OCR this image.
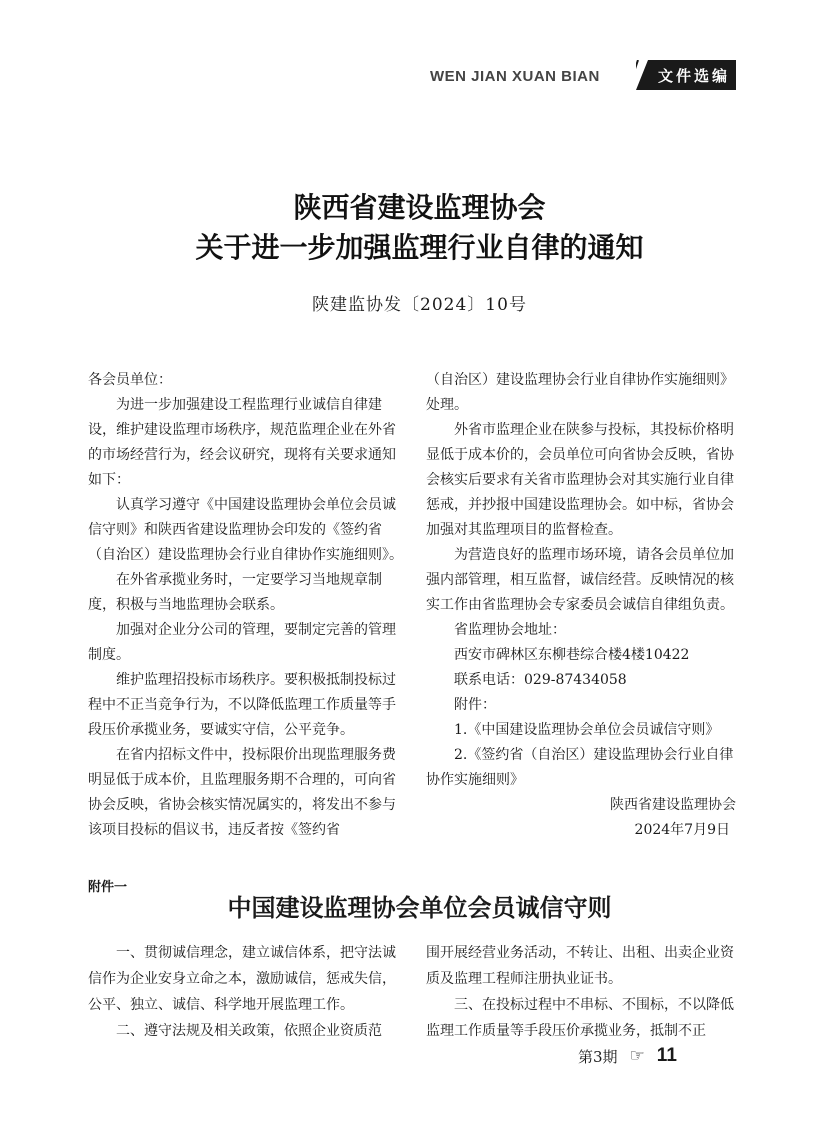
WEN JIAN XUAN BIAN	文件选编
陕西省建设监理协会
关于进一步加强监理行业自律的通知
陕建监协发〔2024〕10号

各会员单位：

为进一步加强建设工程监理行业诚信自律建设，维护建设监理市场秩序，规范监理企业在外省的市场经营行为，经会议研究，现将有关要求通知如下：

认真学习遵守《中国建设监理协会单位会员诚信守则》和陕西省建设监理协会印发的《签约省（自治区）建设监理协会行业自律协作实施细则》。

在外省承揽业务时，一定要学习当地规章制度，积极与当地监理协会联系。

加强对企业分公司的管理，要制定完善的管理制度。

维护监理招投标市场秩序。要积极抵制投标过程中不正当竞争行为，不以降低监理工作质量等手段压价承揽业务，要诚实守信，公平竞争。

在省内招标文件中，投标限价出现监理服务费明显低于成本价，且监理服务期不合理的，可向省协会反映，省协会核实情况属实的，将发出不参与该项目投标的倡议书，违反者按《签约省

（自治区）建设监理协会行业自律协作实施细则》处理。

外省市监理企业在陕参与投标，其投标价格明显低于成本价的，会员单位可向省协会反映，省协会核实后要求有关省市监理协会对其实施行业自律惩戒，并抄报中国建设监理协会。如中标，省协会加强对其监理项目的监督检查。

为营造良好的监理市场环境，请各会员单位加强内部管理，相互监督，诚信经营。反映情况的核实工作由省监理协会专家委员会诚信自律组负责。

省监理协会地址：

西安市碑林区东柳巷综合楼4楼10422

联系电话：029-87434058

附件：

1.《中国建设监理协会单位会员诚信守则》

2.《签约省（自治区）建设监理协会行业自律协作实施细则》

陕西省建设监理协会

2024年7月9日

附件一
中国建设监理协会单位会员诚信守则

一、贯彻诚信理念，建立诚信体系，把守法诚信作为企业安身立命之本，激励诚信，惩戒失信，公平、独立、诚信、科学地开展监理工作。

二、遵守法规及相关政策，依照企业资质范

围开展经营业务活动，不转让、出租、出卖企业资质及监理工程师注册执业证书。

三、在投标过程中不串标、不围标，不以降低监理工作质量等手段压价承揽业务，抵制不正

第3期 ☞ 11
